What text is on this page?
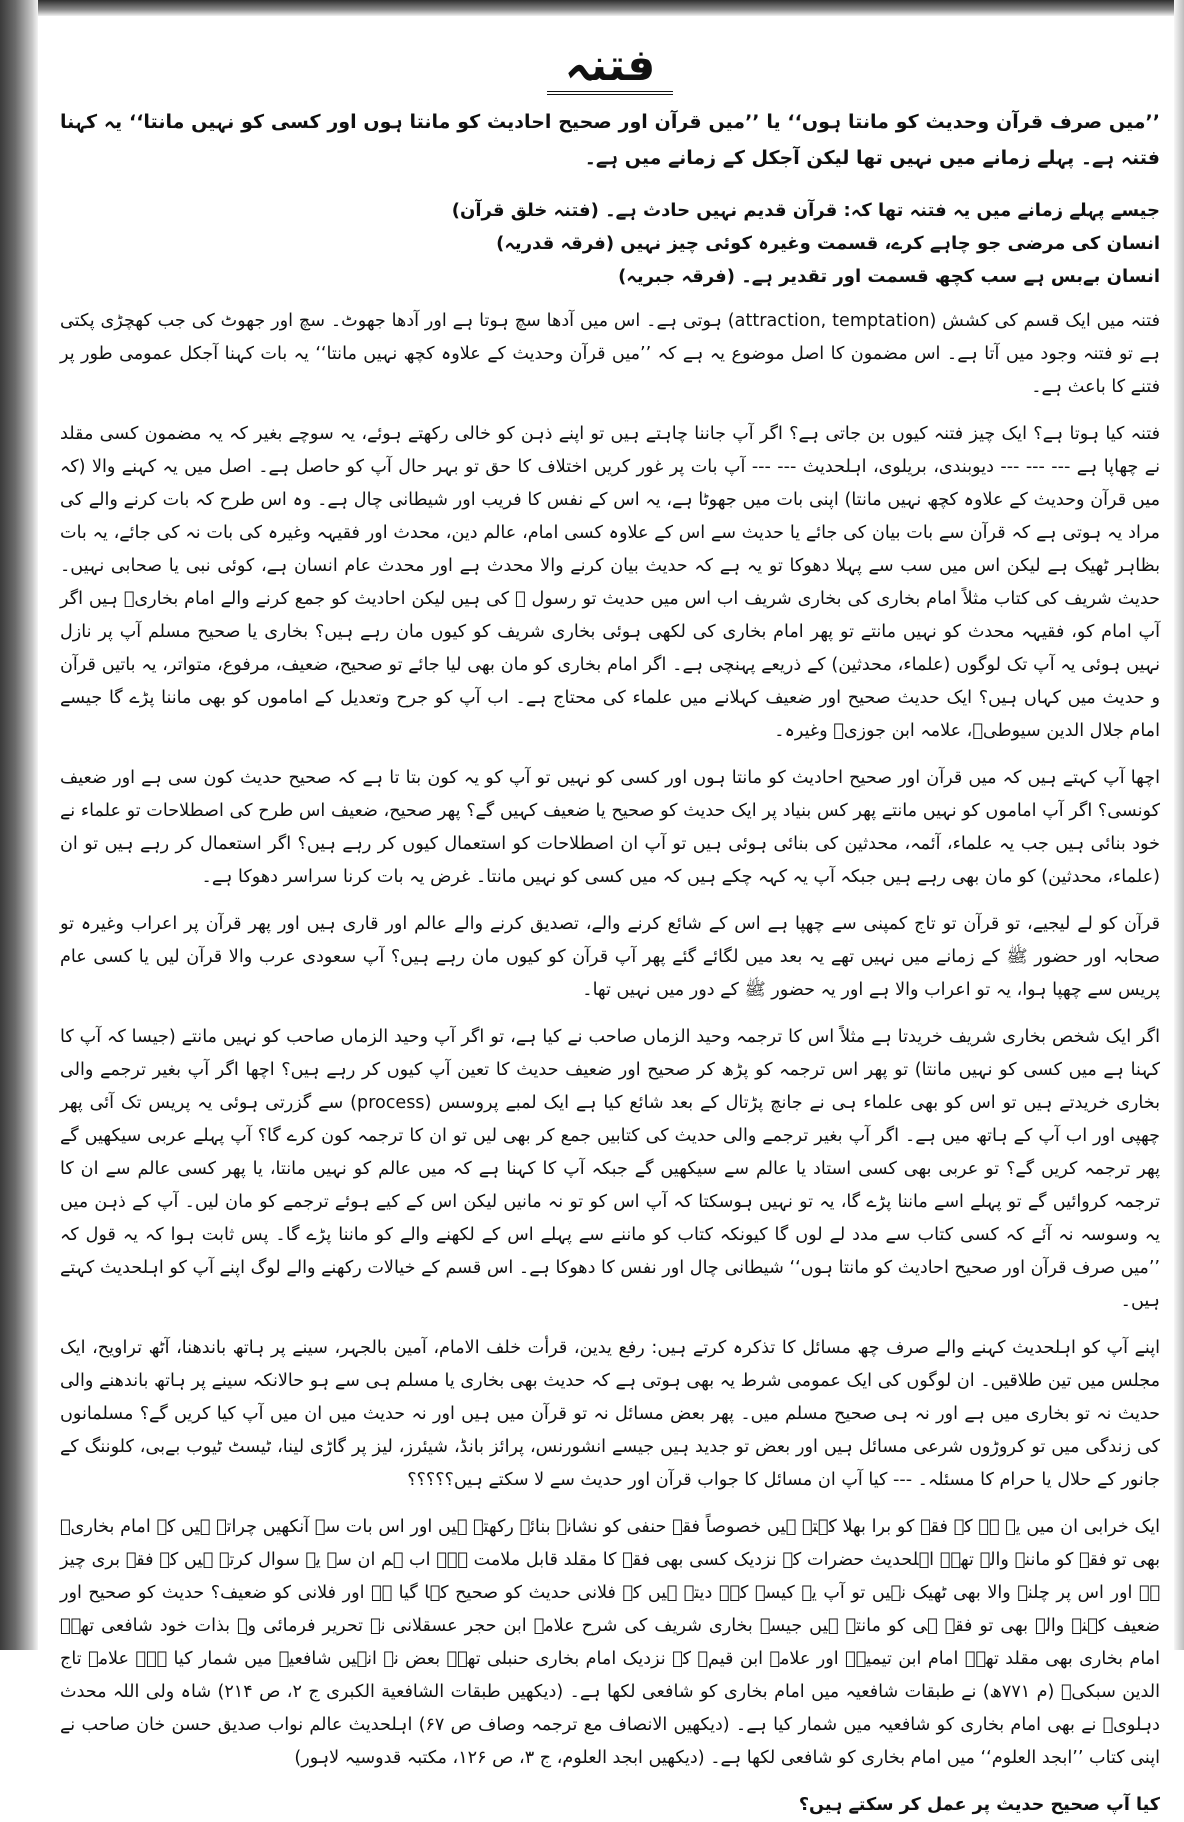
فتنہ

’’میں صرف قرآن وحدیث کو مانتا ہوں‘‘ یا ’’میں قرآن اور صحیح احادیث کو مانتا ہوں اور کسی کو نہیں مانتا‘‘ یہ کہنا فتنہ ہے۔ پہلے زمانے میں نہیں تھا لیکن آجکل کے زمانے میں ہے۔

جیسے پہلے زمانے میں یہ فتنہ تھا کہ: قرآن قدیم نہیں حادث ہے۔ (فتنہ خلق قرآن)
انسان کی مرضی جو چاہے کرے، قسمت وغیرہ کوئی چیز نہیں (فرقہ قدریہ)
انسان بےبس ہے سب کچھ قسمت اور تقدیر ہے۔ (فرقہ جبریہ)

فتنہ میں ایک قسم کی کشش (attraction, temptation) ہوتی ہے۔ اس میں آدھا سچ ہوتا ہے اور آدھا جھوٹ۔ سچ اور جھوٹ کی جب کھچڑی پکتی ہے تو فتنہ وجود میں آتا ہے۔ اس مضمون کا اصل موضوع یہ ہے کہ ’’میں قرآن وحدیث کے علاوہ کچھ نہیں مانتا‘‘ یہ بات کہنا آجکل عمومی طور پر فتنے کا باعث ہے۔

فتنہ کیا ہوتا ہے؟ ایک چیز فتنہ کیوں بن جاتی ہے؟ اگر آپ جاننا چاہتے ہیں تو اپنے ذہن کو خالی رکھتے ہوئے، یہ سوچے بغیر کہ یہ مضمون کسی مقلد نے چھاپا ہے --- --- --- دیوبندی، بریلوی، اہلحدیث --- --- آپ بات پر غور کریں اختلاف کا حق تو بہر حال آپ کو حاصل ہے۔ اصل میں یہ کہنے والا (کہ میں قرآن وحدیث کے علاوہ کچھ نہیں مانتا) اپنی بات میں جھوٹا ہے، یہ اس کے نفس کا فریب اور شیطانی چال ہے۔ وہ اس طرح کہ بات کرنے والے کی مراد یہ ہوتی ہے کہ قرآن سے بات بیان کی جائے یا حدیث سے اس کے علاوہ کسی امام، عالم دین، محدث اور فقیہہ وغیرہ کی بات نہ کی جائے، یہ بات بظاہر ٹھیک ہے لیکن اس میں سب سے پہلا دھوکا تو یہ ہے کہ حدیث بیان کرنے والا محدث ہے اور محدث عام انسان ہے، کوئی نبی یا صحابی نہیں۔ حدیث شریف کی کتاب مثلاً امام بخاری کی بخاری شریف اب اس میں حدیث تو رسول ﷺ کی ہیں لیکن احادیث کو جمع کرنے والے امام بخاریؒ ہیں اگر آپ امام کو، فقیہہ محدث کو نہیں مانتے تو پھر امام بخاری کی لکھی ہوئی بخاری شریف کو کیوں مان رہے ہیں؟ بخاری یا صحیح مسلم آپ پر نازل نہیں ہوئی یہ آپ تک لوگوں (علماء، محدثین) کے ذریعے پہنچی ہے۔ اگر امام بخاری کو مان بھی لیا جائے تو صحیح، ضعیف، مرفوع، متواتر، یہ باتیں قرآن و حدیث میں کہاں ہیں؟ ایک حدیث صحیح اور ضعیف کہلانے میں علماء کی محتاج ہے۔ اب آپ کو جرح وتعدیل کے اماموں کو بھی ماننا پڑے گا جیسے امام جلال الدین سیوطیؒ، علامہ ابن جوزیؒ وغیرہ۔

اچھا آپ کہتے ہیں کہ میں قرآن اور صحیح احادیث کو مانتا ہوں اور کسی کو نہیں تو آپ کو یہ کون بتا تا ہے کہ صحیح حدیث کون سی ہے اور ضعیف کونسی؟ اگر آپ اماموں کو نہیں مانتے پھر کس بنیاد پر ایک حدیث کو صحیح یا ضعیف کہیں گے؟ پھر صحیح، ضعیف اس طرح کی اصطلاحات تو علماء نے خود بنائی ہیں جب یہ علماء، آئمہ، محدثین کی بنائی ہوئی ہیں تو آپ ان اصطلاحات کو استعمال کیوں کر رہے ہیں؟ اگر استعمال کر رہے ہیں تو ان (علماء، محدثین) کو مان بھی رہے ہیں جبکہ آپ یہ کہہ چکے ہیں کہ میں کسی کو نہیں مانتا۔ غرض یہ بات کرنا سراسر دھوکا ہے۔

قرآن کو لے لیجیے، تو قرآن تو تاج کمپنی سے چھپا ہے اس کے شائع کرنے والے، تصدیق کرنے والے عالم اور قاری ہیں اور پھر قرآن پر اعراب وغیرہ تو صحابہ اور حضور ﷺ کے زمانے میں نہیں تھے یہ بعد میں لگائے گئے پھر آپ قرآن کو کیوں مان رہے ہیں؟ آپ سعودی عرب والا قرآن لیں یا کسی عام پریس سے چھپا ہوا، یہ تو اعراب والا ہے اور یہ حضور ﷺ کے دور میں نہیں تھا۔

اگر ایک شخص بخاری شریف خریدتا ہے مثلاً اس کا ترجمہ وحید الزماں صاحب نے کیا ہے، تو اگر آپ وحید الزماں صاحب کو نہیں مانتے (جیسا کہ آپ کا کہنا ہے میں کسی کو نہیں مانتا) تو پھر اس ترجمہ کو پڑھ کر صحیح اور ضعیف حدیث کا تعین آپ کیوں کر رہے ہیں؟ اچھا اگر آپ بغیر ترجمے والی بخاری خریدتے ہیں تو اس کو بھی علماء ہی نے جانچ پڑتال کے بعد شائع کیا ہے ایک لمبے پروسس (process) سے گزرتی ہوئی یہ پریس تک آئی پھر چھپی اور اب آپ کے ہاتھ میں ہے۔ اگر آپ بغیر ترجمے والی حدیث کی کتابیں جمع کر بھی لیں تو ان کا ترجمہ کون کرے گا؟ آپ پہلے عربی سیکھیں گے پھر ترجمہ کریں گے؟ تو عربی بھی کسی استاد یا عالم سے سیکھیں گے جبکہ آپ کا کہنا ہے کہ میں عالم کو نہیں مانتا، یا پھر کسی عالم سے ان کا ترجمہ کروائیں گے تو پہلے اسے ماننا پڑے گا، یہ تو نہیں ہوسکتا کہ آپ اس کو تو نہ مانیں لیکن اس کے کیے ہوئے ترجمے کو مان لیں۔ آپ کے ذہن میں یہ وسوسہ نہ آئے کہ کسی کتاب سے مدد لے لوں گا کیونکہ کتاب کو ماننے سے پہلے اس کے لکھنے والے کو ماننا پڑے گا۔ پس ثابت ہوا کہ یہ قول کہ ’’میں صرف قرآن اور صحیح احادیث کو مانتا ہوں‘‘ شیطانی چال اور نفس کا دھوکا ہے۔ اس قسم کے خیالات رکھنے والے لوگ اپنے آپ کو اہلحدیث کہتے ہیں۔

اپنے آپ کو اہلحدیث کہنے والے صرف چھ مسائل کا تذکرہ کرتے ہیں: رفع یدین، قرأت خلف الامام، آمین بالجہر، سینے پر ہاتھ باندھنا، آٹھ تراویح، ایک مجلس میں تین طلاقیں۔ ان لوگوں کی ایک عمومی شرط یہ بھی ہوتی ہے کہ حدیث بھی بخاری یا مسلم ہی سے ہو حالانکہ سینے پر ہاتھ باندھنے والی حدیث نہ تو بخاری میں ہے اور نہ ہی صحیح مسلم میں۔ پھر بعض مسائل نہ تو قرآن میں ہیں اور نہ حدیث میں ان میں آپ کیا کریں گے؟ مسلمانوں کی زندگی میں تو کروڑوں شرعی مسائل ہیں اور بعض تو جدید ہیں جیسے انشورنس، پرائز بانڈ، شیئرز، لیز پر گاڑی لینا، ٹیسٹ ٹیوب بےبی، کلوننگ کے جانور کے حلال یا حرام کا مسئلہ۔ --- کیا آپ ان مسائل کا جواب قرآن اور حدیث سے لا سکتے ہیں؟؟؟؟؟

ایک خرابی ان میں یہ ہے کہ فقہ کو برا بھلا کہتے ہیں خصوصاً فقہ حنفی کو نشانہ بنائے رکھتے ہیں اور اس بات سے آنکھیں چراتے ہیں کہ امام بخاریؒ بھی تو فقہ کو ماننے والے تھے۔ اہلحدیث حضرات کے نزدیک کسی بھی فقہ کا مقلد قابل ملامت ہے۔ اب ہم ان سے یہ سوال کرتے ہیں کہ فقہ بری چیز ہے اور اس پر چلنے والا بھی ٹھیک نہیں تو آپ یہ کیسے کہہ دیتے ہیں کہ فلانی حدیث کو صحیح کہا گیا ہے اور فلانی کو ضعیف؟ حدیث کو صحیح اور ضعیف کہنے والے بھی تو فقہ ہی کو مانتے ہیں جیسے بخاری شریف کی شرح علامہ ابن حجر عسقلانی نے تحریر فرمائی وہ بذات خود شافعی تھے۔ امام بخاری بھی مقلد تھے۔ امام ابن تیمیہؒ اور علامہ ابن قیمؒ کے نزدیک امام بخاری حنبلی تھے۔ بعض نے انہیں شافعیہ میں شمار کیا ہے۔ علامہ تاج الدین سبکیؒ (م ۷۷۱ھ) نے طبقات شافعیہ میں امام بخاری کو شافعی لکھا ہے۔ (دیکھیں طبقات الشافعية الكبرى ج ۲، ص ۲۱۴) شاہ ولی اللہ محدث دہلویؒ نے بھی امام بخاری کو شافعیہ میں شمار کیا ہے۔ (دیکھیں الانصاف مع ترجمہ وصاف ص ۶۷) اہلحدیث عالم نواب صدیق حسن خان صاحب نے اپنی کتاب ’’ابجد العلوم‘‘ میں امام بخاری کو شافعی لکھا ہے۔ (دیکھیں ابجد العلوم، ج ۳، ص ۱۲۶، مکتبہ قدوسیہ لاہور)

کیا آپ صحیح حدیث پر عمل کر سکتے ہیں؟
